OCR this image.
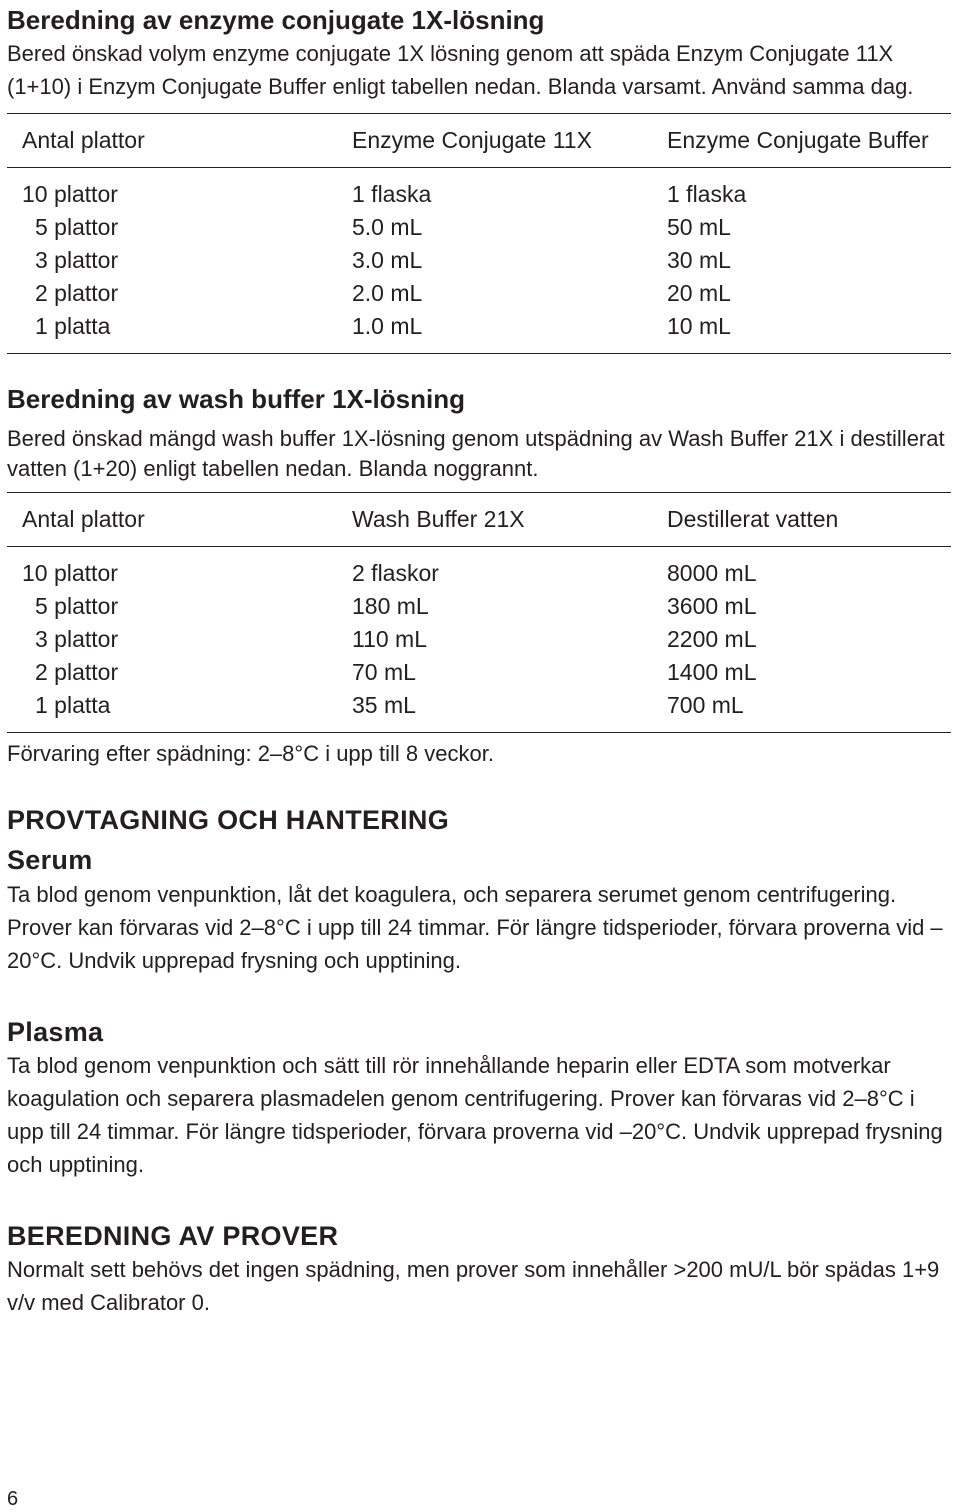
Beredning av enzyme conjugate 1X-lösning

Bered önskad volym enzyme conjugate 1X lösning genom att späda Enzym Conjugate 11X (1+10) i Enzym Conjugate Buffer enligt tabellen nedan. Blanda varsamt. Använd samma dag.

Antal plattor	Enzyme Conjugate 11X	Enzyme Conjugate Buffer

10 plattor	1 flaska	1 flaska
5 plattor	5.0 mL	50 mL
3 plattor	3.0 mL	30 mL
2 plattor	2.0 mL	20 mL
1 platta	1.0 mL	10 mL

Beredning av wash buffer 1X-lösning

Bered önskad mängd wash buffer 1X-lösning genom utspädning av Wash Buffer 21X i destillerat vatten (1+20) enligt tabellen nedan. Blanda noggrannt.

Antal plattor	Wash Buffer 21X	Destillerat vatten

10 plattor	2 flaskor	8000 mL
5 plattor	180 mL	3600 mL
3 plattor	110 mL	2200 mL
2 plattor	70 mL	1400 mL
1 platta	35 mL	700 mL

Förvaring efter spädning: 2–8°C i upp till 8 veckor.

PROVTAGNING OCH HANTERING
Serum

Ta blod genom venpunktion, låt det koagulera, och separera serumet genom centrifugering. Prover kan förvaras vid 2–8°C i upp till 24 timmar. För längre tidsperioder, förvara proverna vid –20°C. Undvik upprepad frysning och upptining.

Plasma

Ta blod genom venpunktion och sätt till rör innehållande heparin eller EDTA som motverkar koagulation och separera plasmadelen genom centrifugering. Prover kan förvaras vid 2–8°C i upp till 24 timmar. För längre tidsperioder, förvara proverna vid –20°C. Undvik upprepad frysning och upptining.

BEREDNING AV PROVER

Normalt sett behövs det ingen spädning, men prover som innehåller >200 mU/L bör spädas 1+9 v/v med Calibrator 0.

6
